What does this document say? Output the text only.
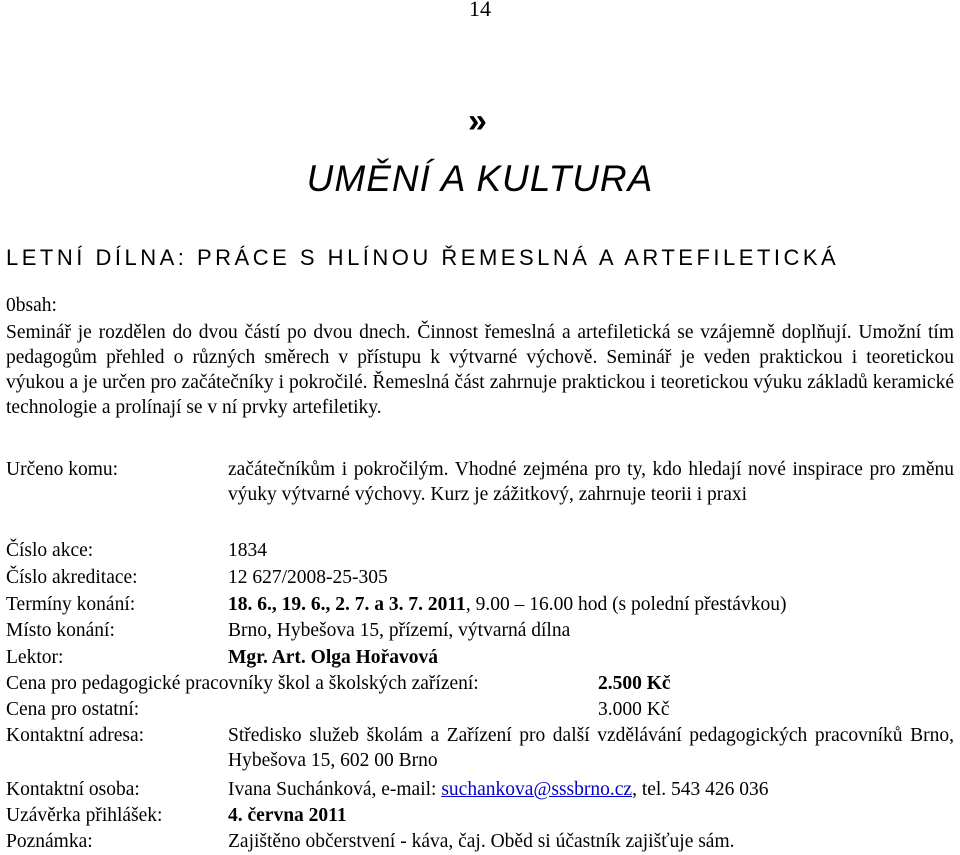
14
»
UMĚNÍ A KULTURA
LETNÍ DÍLNA: PRÁCE S HLÍNOU ŘEMESLNÁ A ARTEFILETICKÁ
0bsah:
Seminář je rozdělen do dvou částí po dvou dnech. Činnost řemeslná a artefiletická se vzájemně doplňují. Umožní tím pedagogům přehled o různých směrech v přístupu k výtvarné výchově. Seminář je veden praktickou i teoretickou výukou a je určen pro začátečníky i pokročilé. Řemeslná část zahrnuje praktickou i teoretickou výuku základů keramické technologie a prolínají se v ní prvky artefiletiky.
Určeno komu:	začátečníkům i pokročilým. Vhodné zejména pro ty, kdo hledají nové inspirace pro změnu výuky výtvarné výchovy. Kurz je zážitkový, zahrnuje teorii i praxi
Číslo akce:	1834
Číslo akreditace:	12 627/2008-25-305
Termíny konání:	18. 6., 19. 6., 2. 7. a 3. 7. 2011, 9.00 – 16.00 hod (s polední přestávkou)
Místo konání:	Brno, Hybešova 15, přízemí, výtvarná dílna
Lektor:	Mgr. Art. Olga Hořavová
Cena pro pedagogické pracovníky škol a školských zařízení:	2.500 Kč
Cena pro ostatní:	3.000 Kč
Kontaktní adresa:	Středisko služeb školám a Zařízení pro další vzdělávání pedagogických pracovníků Brno, Hybešova 15, 602 00 Brno
Kontaktní osoba:	Ivana Suchánková, e-mail: suchankova@sssbrno.cz, tel. 543 426 036
Uzávěrka přihlášek:	4. června 2011
Poznámka:	Zajištěno občerstvení - káva, čaj. Oběd si účastník zajišťuje sám.
